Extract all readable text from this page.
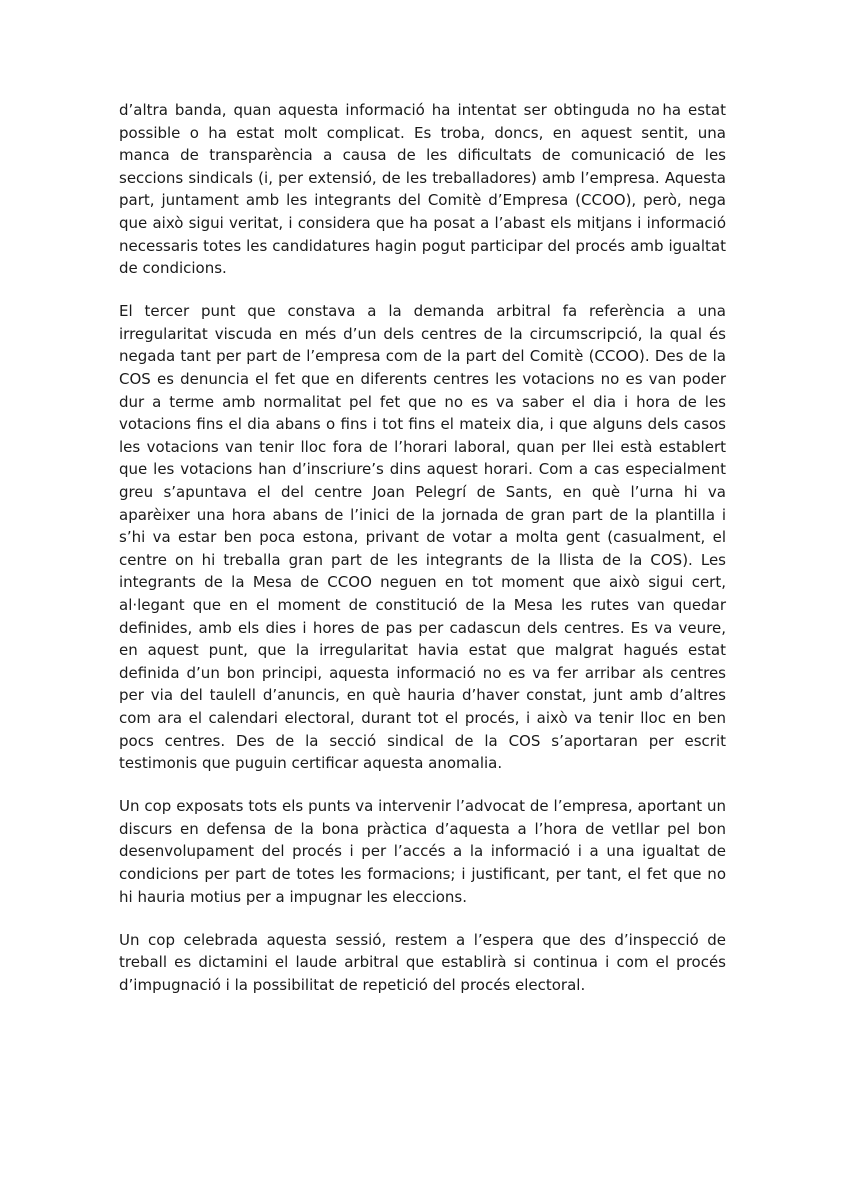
d’altra banda, quan aquesta informació ha intentat ser obtinguda no ha estat possible o ha estat molt complicat. Es troba, doncs, en aquest sentit, una manca de transparència a causa de les dificultats de comunicació de les seccions sindicals (i, per extensió, de les treballadores) amb l’empresa. Aquesta part, juntament amb les integrants del Comitè d’Empresa (CCOO), però, nega que això sigui veritat, i considera que ha posat a l’abast els mitjans i informació necessaris totes les candidatures hagin pogut participar del procés amb igualtat de condicions.

El tercer punt que constava a la demanda arbitral fa referència a una irregularitat viscuda en més d’un dels centres de la circumscripció, la qual és negada tant per part de l’empresa com de la part del Comitè (CCOO). Des de la COS es denuncia el fet que en diferents centres les votacions no es van poder dur a terme amb normalitat pel fet que no es va saber el dia i hora de les votacions fins el dia abans o fins i tot fins el mateix dia, i que alguns dels casos les votacions van tenir lloc fora de l’horari laboral, quan per llei està establert que les votacions han d’inscriure’s dins aquest horari. Com a cas especialment greu s’apuntava el del centre Joan Pelegrí de Sants, en què l’urna hi va aparèixer una hora abans de l’inici de la jornada de gran part de la plantilla i s’hi va estar ben poca estona, privant de votar a molta gent (casualment, el centre on hi treballa gran part de les integrants de la llista de la COS). Les integrants de la Mesa de CCOO neguen en tot moment que això sigui cert, al·legant que en el moment de constitució de la Mesa les rutes van quedar definides, amb els dies i hores de pas per cadascun dels centres. Es va veure, en aquest punt, que la irregularitat havia estat que malgrat hagués estat definida d’un bon principi, aquesta informació no es va fer arribar als centres per via del taulell d’anuncis, en què hauria d’haver constat, junt amb d’altres com ara el calendari electoral, durant tot el procés, i això va tenir lloc en ben pocs centres. Des de la secció sindical de la COS s’aportaran per escrit testimonis que puguin certificar aquesta anomalia.

Un cop exposats tots els punts va intervenir l’advocat de l’empresa, aportant un discurs en defensa de la bona pràctica d’aquesta a l’hora de vetllar pel bon desenvolupament del procés i per l’accés a la informació i a una igualtat de condicions per part de totes les formacions; i justificant, per tant, el fet que no hi hauria motius per a impugnar les eleccions.

Un cop celebrada aquesta sessió, restem a l’espera que des d’inspecció de treball es dictamini el laude arbitral que establirà si continua i com el procés d’impugnació i la possibilitat de repetició del procés electoral.
